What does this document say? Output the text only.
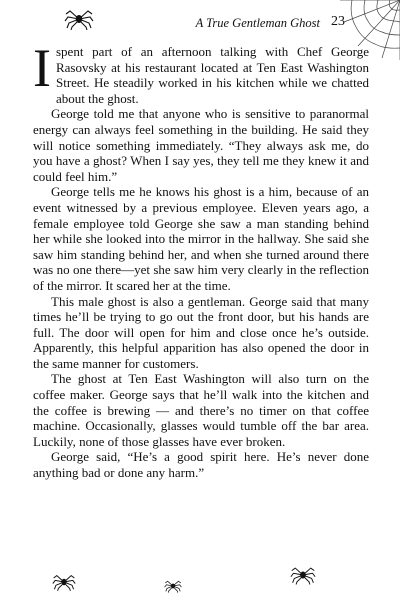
A True Gentleman Ghost 23

Ispent part of an afternoon talking with Chef George Rasovsky at his restaurant located at Ten East Washington Street. He steadily worked in his kitchen while we chatted about the ghost.

George told me that anyone who is sensitive to paranormal energy can always feel something in the building. He said they will notice something immediately. “They always ask me, do you have a ghost? When I say yes, they tell me they knew it and could feel him.”

George tells me he knows his ghost is a him, because of an event witnessed by a previous employee. Eleven years ago, a female employee told George she saw a man standing behind her while she looked into the mirror in the hallway. She said she saw him standing behind her, and when she turned around there was no one there—yet she saw him very clearly in the reflection of the mirror. It scared her at the time.

This male ghost is also a gentleman. George said that many times he’ll be trying to go out the front door, but his hands are full. The door will open for him and close once he’s outside. Apparently, this helpful apparition has also opened the door in the same manner for customers.

The ghost at Ten East Washington will also turn on the coffee maker. George says that he’ll walk into the kitchen and the coffee is brewing — and there’s no timer on that coffee machine. Occasionally, glasses would tumble off the bar area. Luckily, none of those glasses have ever broken.

George said, “He’s a good spirit here. He’s never done anything bad or done any harm.”
